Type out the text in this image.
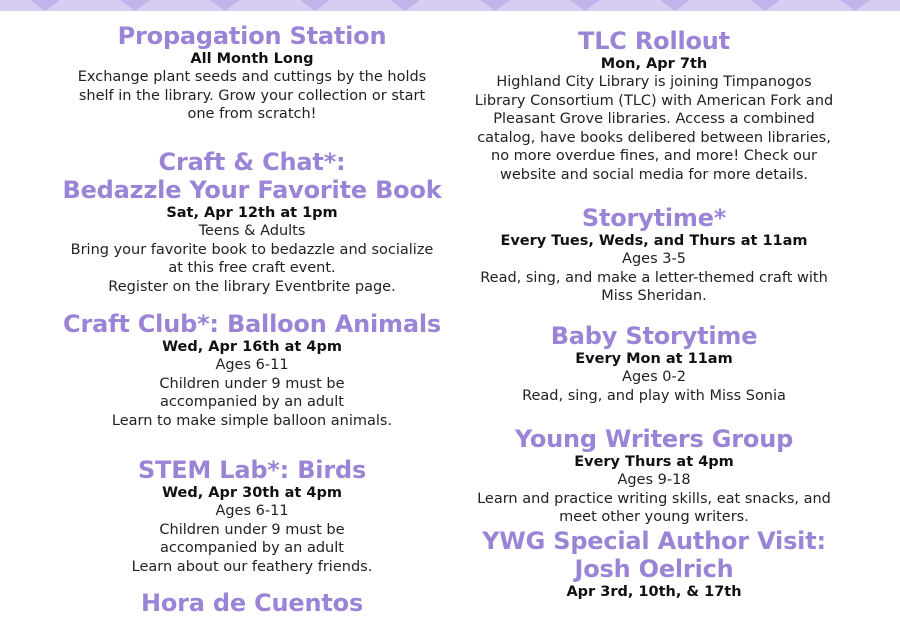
Propagation Station

All Month Long

Exchange plant seeds and cuttings by the holds

shelf in the library. Grow your collection or start

one from scratch!

Craft & Chat*:

Bedazzle Your Favorite Book

Sat, Apr 12th at 1pm

Teens & Adults

Bring your favorite book to bedazzle and socialize

at this free craft event.

Register on the library Eventbrite page.

Craft Club*: Balloon Animals

Wed, Apr 16th at 4pm

Ages 6-11

Children under 9 must be

accompanied by an adult

Learn to make simple balloon animals.

STEM Lab*: Birds

Wed, Apr 30th at 4pm

Ages 6-11

Children under 9 must be

accompanied by an adult

Learn about our feathery friends.

Hora de Cuentos

TLC Rollout

Mon, Apr 7th

Highland City Library is joining Timpanogos

Library Consortium (TLC) with American Fork and

Pleasant Grove libraries. Access a combined

catalog, have books delibered between libraries,

no more overdue fines, and more! Check our

website and social media for more details.

Storytime*

Every Tues, Weds, and Thurs at 11am

Ages 3-5

Read, sing, and make a letter-themed craft with

Miss Sheridan.

Baby Storytime

Every Mon at 11am

Ages 0-2

Read, sing, and play with Miss Sonia

Young Writers Group

Every Thurs at 4pm

Ages 9-18

Learn and practice writing skills, eat snacks, and

meet other young writers.

YWG Special Author Visit:

Josh Oelrich

Apr 3rd, 10th, & 17th
